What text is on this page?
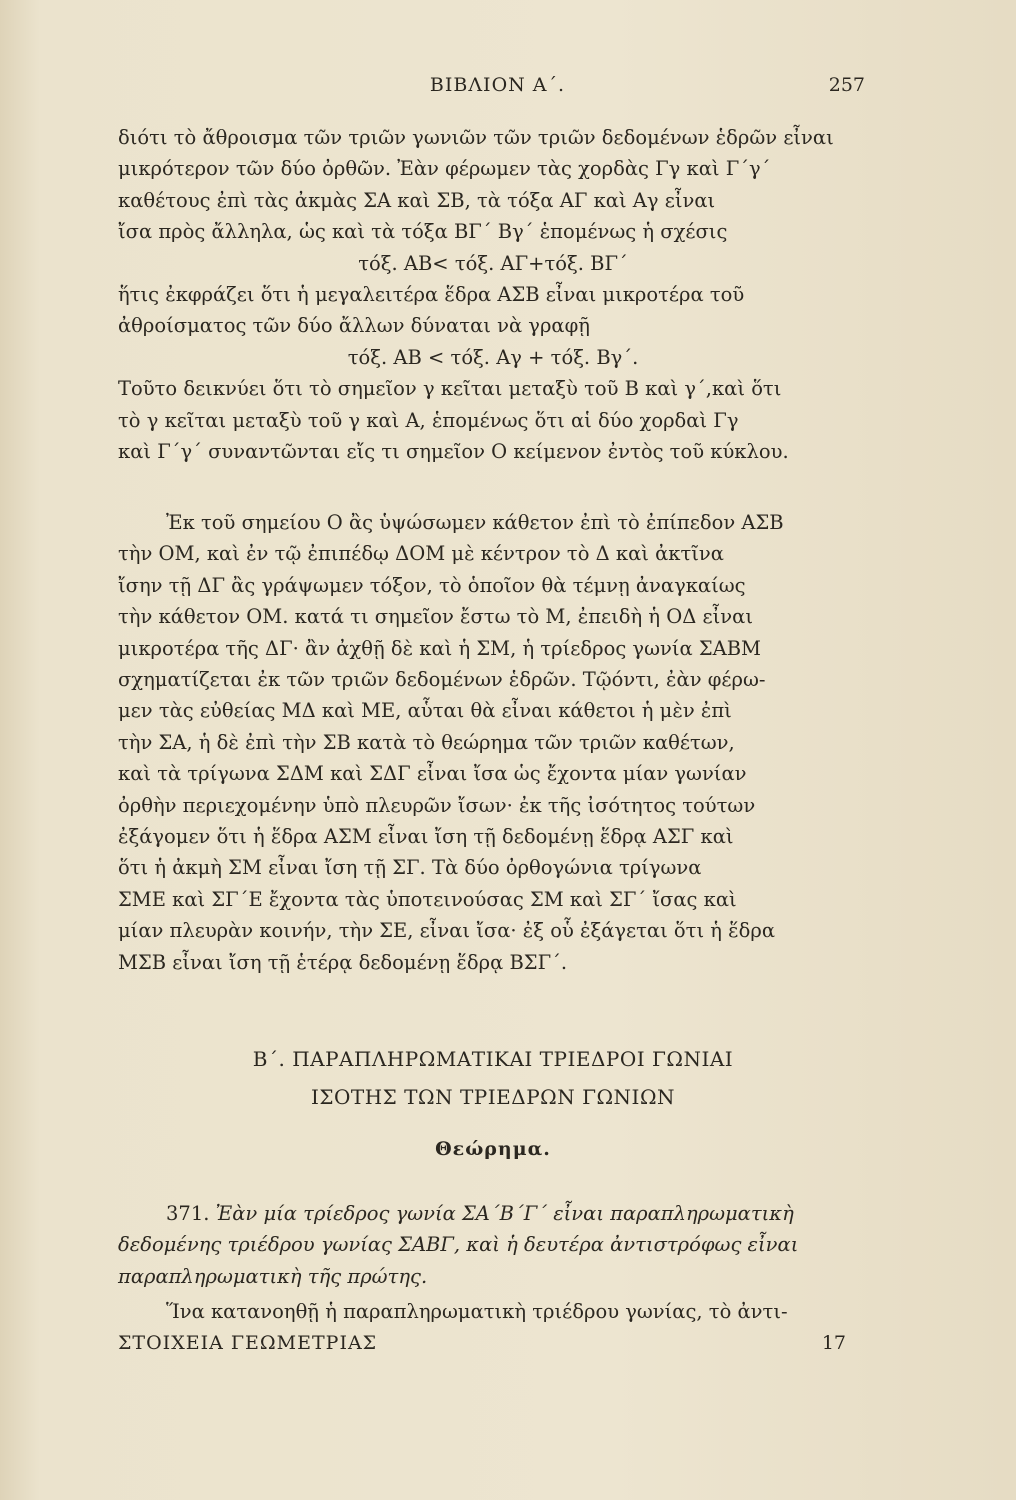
ΒΙΒΛΙΟΝ Α΄.	257

διότι τὸ ἄθροισμα τῶν τριῶν γωνιῶν τῶν τριῶν δεδομένων ἑδρῶν εἶναι

μικρότερον τῶν δύο ὀρθῶν. Ἐὰν φέρωμεν τὰς χορδὰς Γγ καὶ Γ΄γ΄

καθέτους ἐπὶ τὰς ἀκμὰς ΣΑ καὶ ΣΒ, τὰ τόξα ΑΓ καὶ Αγ εἶναι

ἴσα πρὸς ἄλληλα, ὡς καὶ τὰ τόξα ΒΓ΄ Βγ΄ ἑπομένως ἡ σχέσις

τόξ. ΑΒ< τόξ. ΑΓ+τόξ. ΒΓ΄

ἥτις ἐκφράζει ὅτι ἡ μεγαλειτέρα ἕδρα ΑΣΒ εἶναι μικροτέρα τοῦ

ἀθροίσματος τῶν δύο ἄλλων δύναται νὰ γραφῇ

τόξ. ΑΒ < τόξ. Αγ + τόξ. Βγ΄.

Τοῦτο δεικνύει ὅτι τὸ σημεῖον γ κεῖται μεταξὺ τοῦ Β καὶ γ΄,καὶ ὅτι

τὸ γ κεῖται μεταξὺ τοῦ γ καὶ Α, ἑπομένως ὅτι αἱ δύο χορδαὶ Γγ

καὶ Γ΄γ΄ συναντῶνται εἴς τι σημεῖον Ο κείμενον ἐντὸς τοῦ κύκλου.

Ἐκ τοῦ σημείου Ο ἂς ὑψώσωμεν κάθετον ἐπὶ τὸ ἐπίπεδον ΑΣΒ

τὴν ΟΜ, καὶ ἐν τῷ ἐπιπέδῳ ΔΟΜ μὲ κέντρον τὸ Δ καὶ ἀκτῖνα

ἴσην τῇ ΔΓ ἂς γράψωμεν τόξον, τὸ ὁποῖον θὰ τέμνῃ ἀναγκαίως

τὴν κάθετον ΟΜ. κατά τι σημεῖον ἔστω τὸ Μ, ἐπειδὴ ἡ ΟΔ εἶναι

μικροτέρα τῆς ΔΓ· ἂν ἀχθῇ δὲ καὶ ἡ ΣΜ, ἡ τρίεδρος γωνία ΣΑΒΜ

σχηματίζεται ἐκ τῶν τριῶν δεδομένων ἑδρῶν. Τῷόντι, ἐὰν φέρω-

μεν τὰς εὐθείας ΜΔ καὶ ΜΕ, αὗται θὰ εἶναι κάθετοι ἡ μὲν ἐπὶ

τὴν ΣΑ, ἡ δὲ ἐπὶ τὴν ΣΒ κατὰ τὸ θεώρημα τῶν τριῶν καθέτων,

καὶ τὰ τρίγωνα ΣΔΜ καὶ ΣΔΓ εἶναι ἴσα ὡς ἔχοντα μίαν γωνίαν

ὀρθὴν περιεχομένην ὑπὸ πλευρῶν ἴσων· ἐκ τῆς ἰσότητος τούτων

ἐξάγομεν ὅτι ἡ ἕδρα ΑΣΜ εἶναι ἴση τῇ δεδομένῃ ἕδρᾳ ΑΣΓ καὶ

ὅτι ἡ ἀκμὴ ΣΜ εἶναι ἴση τῇ ΣΓ. Τὰ δύο ὀρθογώνια τρίγωνα

ΣΜΕ καὶ ΣΓ΄Ε ἔχοντα τὰς ὑποτεινούσας ΣΜ καὶ ΣΓ΄ ἴσας καὶ

μίαν πλευρὰν κοινήν, τὴν ΣΕ, εἶναι ἴσα· ἐξ οὗ ἐξάγεται ὅτι ἡ ἕδρα

ΜΣΒ εἶναι ἴση τῇ ἑτέρᾳ δεδομένῃ ἕδρᾳ ΒΣΓ΄.

Β΄. ΠΑΡΑΠΛΗΡΩΜΑΤΙΚΑΙ ΤΡΙΕΔΡΟΙ ΓΩΝΙΑΙ
ΙΣΟΤΗΣ ΤΩΝ ΤΡΙΕΔΡΩΝ ΓΩΝΙΩΝ
Θεώρημα.

371. Ἐὰν μία τρίεδρος γωνία ΣΑ΄Β΄Γ΄ εἶναι παραπληρωματικὴ

δεδομένης τριέδρου γωνίας ΣΑΒΓ, καὶ ἡ δευτέρα ἀντιστρόφως εἶναι

παραπληρωματικὴ τῆς πρώτης.

Ἵνα κατανοηθῇ ἡ παραπληρωματικὴ τριέδρου γωνίας, τὸ ἀντι-

ΣΤΟΙΧΕΙΑ ΓΕΩΜΕΤΡΙΑΣ	17
